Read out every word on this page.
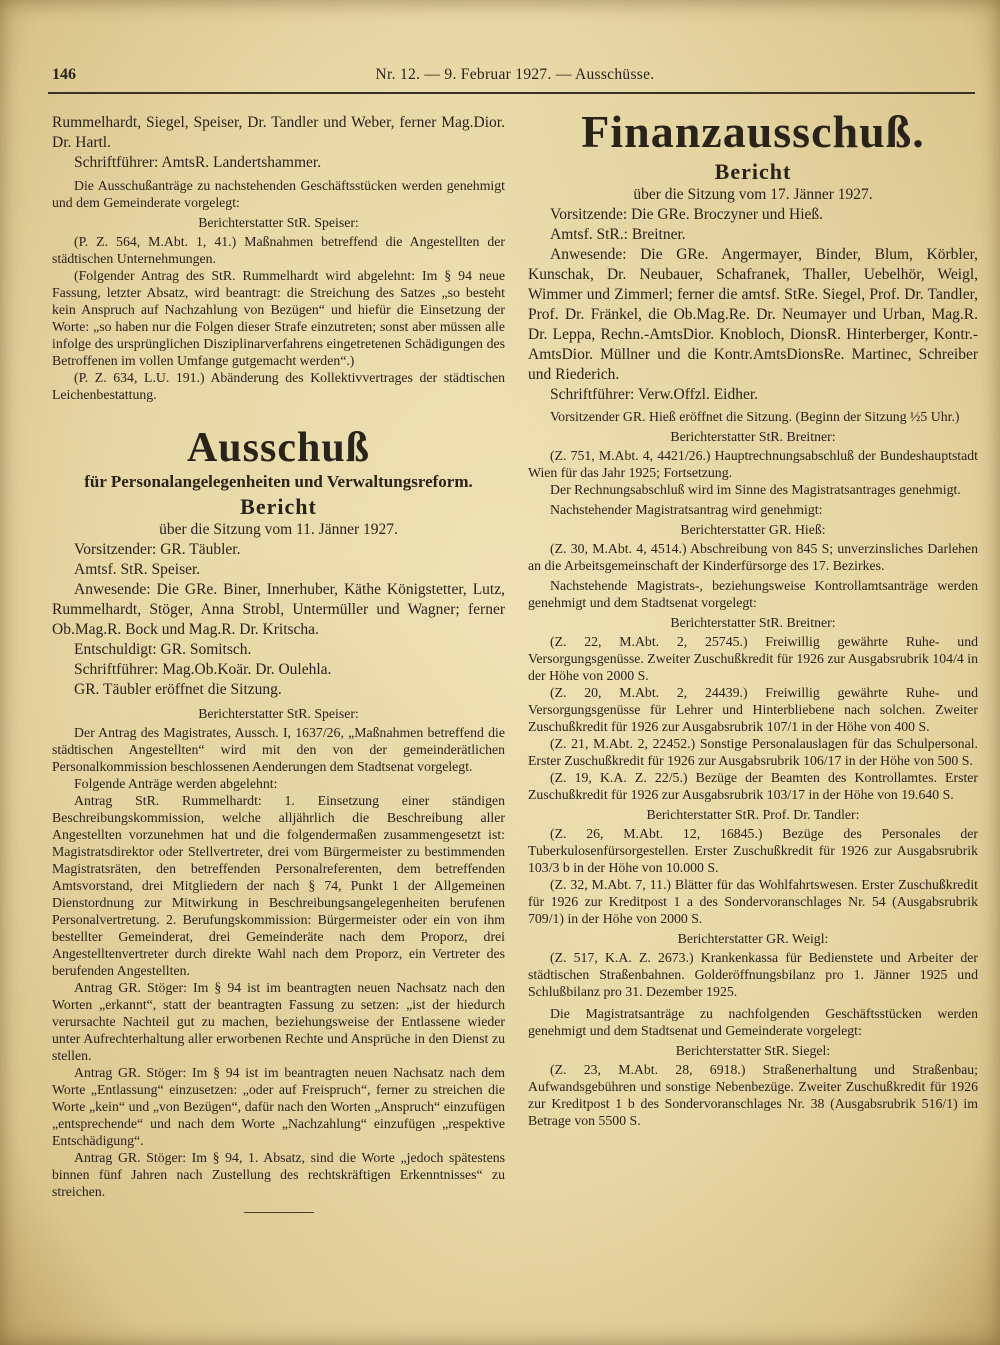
146	Nr. 12. — 9. Februar 1927. — Ausschüsse.

Rummelhardt, Siegel, Speiser, Dr. Tandler und Weber, ferner Mag.Dior. Dr. Hartl.

Schriftführer: AmtsR. Landertshammer.

Die Ausschußanträge zu nachstehenden Geschäftsstücken werden genehmigt und dem Gemeinderate vorgelegt:

Berichterstatter StR. Speiser:

(P. Z. 564, M.Abt. 1, 41.) Maßnahmen betreffend die Angestellten der städtischen Unternehmungen.

(Folgender Antrag des StR. Rummelhardt wird abgelehnt: Im § 94 neue Fassung, letzter Absatz, wird beantragt: die Streichung des Satzes „so besteht kein Anspruch auf Nachzahlung von Bezügen“ und hiefür die Einsetzung der Worte: „so haben nur die Folgen dieser Strafe einzutreten; sonst aber müssen alle infolge des ursprünglichen Disziplinarverfahrens eingetretenen Schädigungen des Betroffenen im vollen Umfange gutgemacht werden“.)

(P. Z. 634, L.U. 191.) Abänderung des Kollektivvertrages der städtischen Leichenbestattung.

Ausschuß
für Personalangelegenheiten und Verwaltungsreform.
Bericht

über die Sitzung vom 11. Jänner 1927.

Vorsitzender: GR. Täubler.

Amtsf. StR. Speiser.

Anwesende: Die GRe. Biner, Innerhuber, Käthe Königstetter, Lutz, Rummelhardt, Stöger, Anna Strobl, Untermüller und Wagner; ferner Ob.Mag.R. Bock und Mag.R. Dr. Kritscha.

Entschuldigt: GR. Somitsch.

Schriftführer: Mag.Ob.Koär. Dr. Oulehla.

GR. Täubler eröffnet die Sitzung.

Berichterstatter StR. Speiser:

Der Antrag des Magistrates, Aussch. I, 1637/26, „Maßnahmen betreffend die städtischen Angestellten“ wird mit den von der gemeinderätlichen Personalkommission beschlossenen Aenderungen dem Stadtsenat vorgelegt.

Folgende Anträge werden abgelehnt:

Antrag StR. Rummelhardt: 1. Einsetzung einer ständigen Beschreibungskommission, welche alljährlich die Beschreibung aller Angestellten vorzunehmen hat und die folgendermaßen zusammengesetzt ist: Magistratsdirektor oder Stellvertreter, drei vom Bürgermeister zu bestimmenden Magistratsräten, den betreffenden Personalreferenten, dem betreffenden Amtsvorstand, drei Mitgliedern der nach § 74, Punkt 1 der Allgemeinen Dienstordnung zur Mitwirkung in Beschreibungsangelegenheiten berufenen Personalvertretung. 2. Berufungskommission: Bürgermeister oder ein von ihm bestellter Gemeinderat, drei Gemeinderäte nach dem Proporz, drei Angestelltenvertreter durch direkte Wahl nach dem Proporz, ein Vertreter des berufenden Angestellten.

Antrag GR. Stöger: Im § 94 ist im beantragten neuen Nachsatz nach den Worten „erkannt“, statt der beantragten Fassung zu setzen: „ist der hiedurch verursachte Nachteil gut zu machen, beziehungsweise der Entlassene wieder unter Aufrechterhaltung aller erworbenen Rechte und Ansprüche in den Dienst zu stellen.

Antrag GR. Stöger: Im § 94 ist im beantragten neuen Nachsatz nach dem Worte „Entlassung“ einzusetzen: „oder auf Freispruch“, ferner zu streichen die Worte „kein“ und „von Bezügen“, dafür nach den Worten „Anspruch“ einzufügen „entsprechende“ und nach dem Worte „Nachzahlung“ einzufügen „respektive Entschädigung“.

Antrag GR. Stöger: Im § 94, 1. Absatz, sind die Worte „jedoch spätestens binnen fünf Jahren nach Zustellung des rechtskräftigen Erkenntnisses“ zu streichen.

Finanzausschuß.
Bericht

über die Sitzung vom 17. Jänner 1927.

Vorsitzende: Die GRe. Broczyner und Hieß.

Amtsf. StR.: Breitner.

Anwesende: Die GRe. Angermayer, Binder, Blum, Körbler, Kunschak, Dr. Neubauer, Schafranek, Thaller, Uebelhör, Weigl, Wimmer und Zimmerl; ferner die amtsf. StRe. Siegel, Prof. Dr. Tandler, Prof. Dr. Fränkel, die Ob.Mag.Re. Dr. Neumayer und Urban, Mag.R. Dr. Leppa, Rechn.-AmtsDior. Knobloch, DionsR. Hinterberger, Kontr.-AmtsDior. Müllner und die Kontr.AmtsDionsRe. Martinec, Schreiber und Riederich.

Schriftführer: Verw.Offzl. Eidher.

Vorsitzender GR. Hieß eröffnet die Sitzung. (Beginn der Sitzung ½5 Uhr.)

Berichterstatter StR. Breitner:

(Z. 751, M.Abt. 4, 4421/26.) Hauptrechnungsabschluß der Bundeshauptstadt Wien für das Jahr 1925; Fortsetzung.

Der Rechnungsabschluß wird im Sinne des Magistratsantrages genehmigt.

Nachstehender Magistratsantrag wird genehmigt:

Berichterstatter GR. Hieß:

(Z. 30, M.Abt. 4, 4514.) Abschreibung von 845 S; unverzinsliches Darlehen an die Arbeitsgemeinschaft der Kinderfürsorge des 17. Bezirkes.

Nachstehende Magistrats-, beziehungsweise Kontrollamtsanträge werden genehmigt und dem Stadtsenat vorgelegt:

Berichterstatter StR. Breitner:

(Z. 22, M.Abt. 2, 25745.) Freiwillig gewährte Ruhe- und Versorgungsgenüsse. Zweiter Zuschußkredit für 1926 zur Ausgabsrubrik 104/4 in der Höhe von 2000 S.

(Z. 20, M.Abt. 2, 24439.) Freiwillig gewährte Ruhe- und Versorgungsgenüsse für Lehrer und Hinterbliebene nach solchen. Zweiter Zuschußkredit für 1926 zur Ausgabsrubrik 107/1 in der Höhe von 400 S.

(Z. 21, M.Abt. 2, 22452.) Sonstige Personalauslagen für das Schulpersonal. Erster Zuschußkredit für 1926 zur Ausgabsrubrik 106/17 in der Höhe von 500 S.

(Z. 19, K.A. Z. 22/5.) Bezüge der Beamten des Kontrollamtes. Erster Zuschußkredit für 1926 zur Ausgabsrubrik 103/17 in der Höhe von 19.640 S.

Berichterstatter StR. Prof. Dr. Tandler:

(Z. 26, M.Abt. 12, 16845.) Bezüge des Personales der Tuberkulosenfürsorgestellen. Erster Zuschußkredit für 1926 zur Ausgabsrubrik 103/3 b in der Höhe von 10.000 S.

(Z. 32, M.Abt. 7, 11.) Blätter für das Wohlfahrtswesen. Erster Zuschußkredit für 1926 zur Kreditpost 1 a des Sondervoranschlages Nr. 54 (Ausgabsrubrik 709/1) in der Höhe von 2000 S.

Berichterstatter GR. Weigl:

(Z. 517, K.A. Z. 2673.) Krankenkassa für Bedienstete und Arbeiter der städtischen Straßenbahnen. Golderöffnungsbilanz pro 1. Jänner 1925 und Schlußbilanz pro 31. Dezember 1925.

Die Magistratsanträge zu nachfolgenden Geschäftsstücken werden genehmigt und dem Stadtsenat und Gemeinderate vorgelegt:

Berichterstatter StR. Siegel:

(Z. 23, M.Abt. 28, 6918.) Straßenerhaltung und Straßenbau; Aufwandsgebühren und sonstige Nebenbezüge. Zweiter Zuschußkredit für 1926 zur Kreditpost 1 b des Sondervoranschlages Nr. 38 (Ausgabsrubrik 516/1) im Betrage von 5500 S.
